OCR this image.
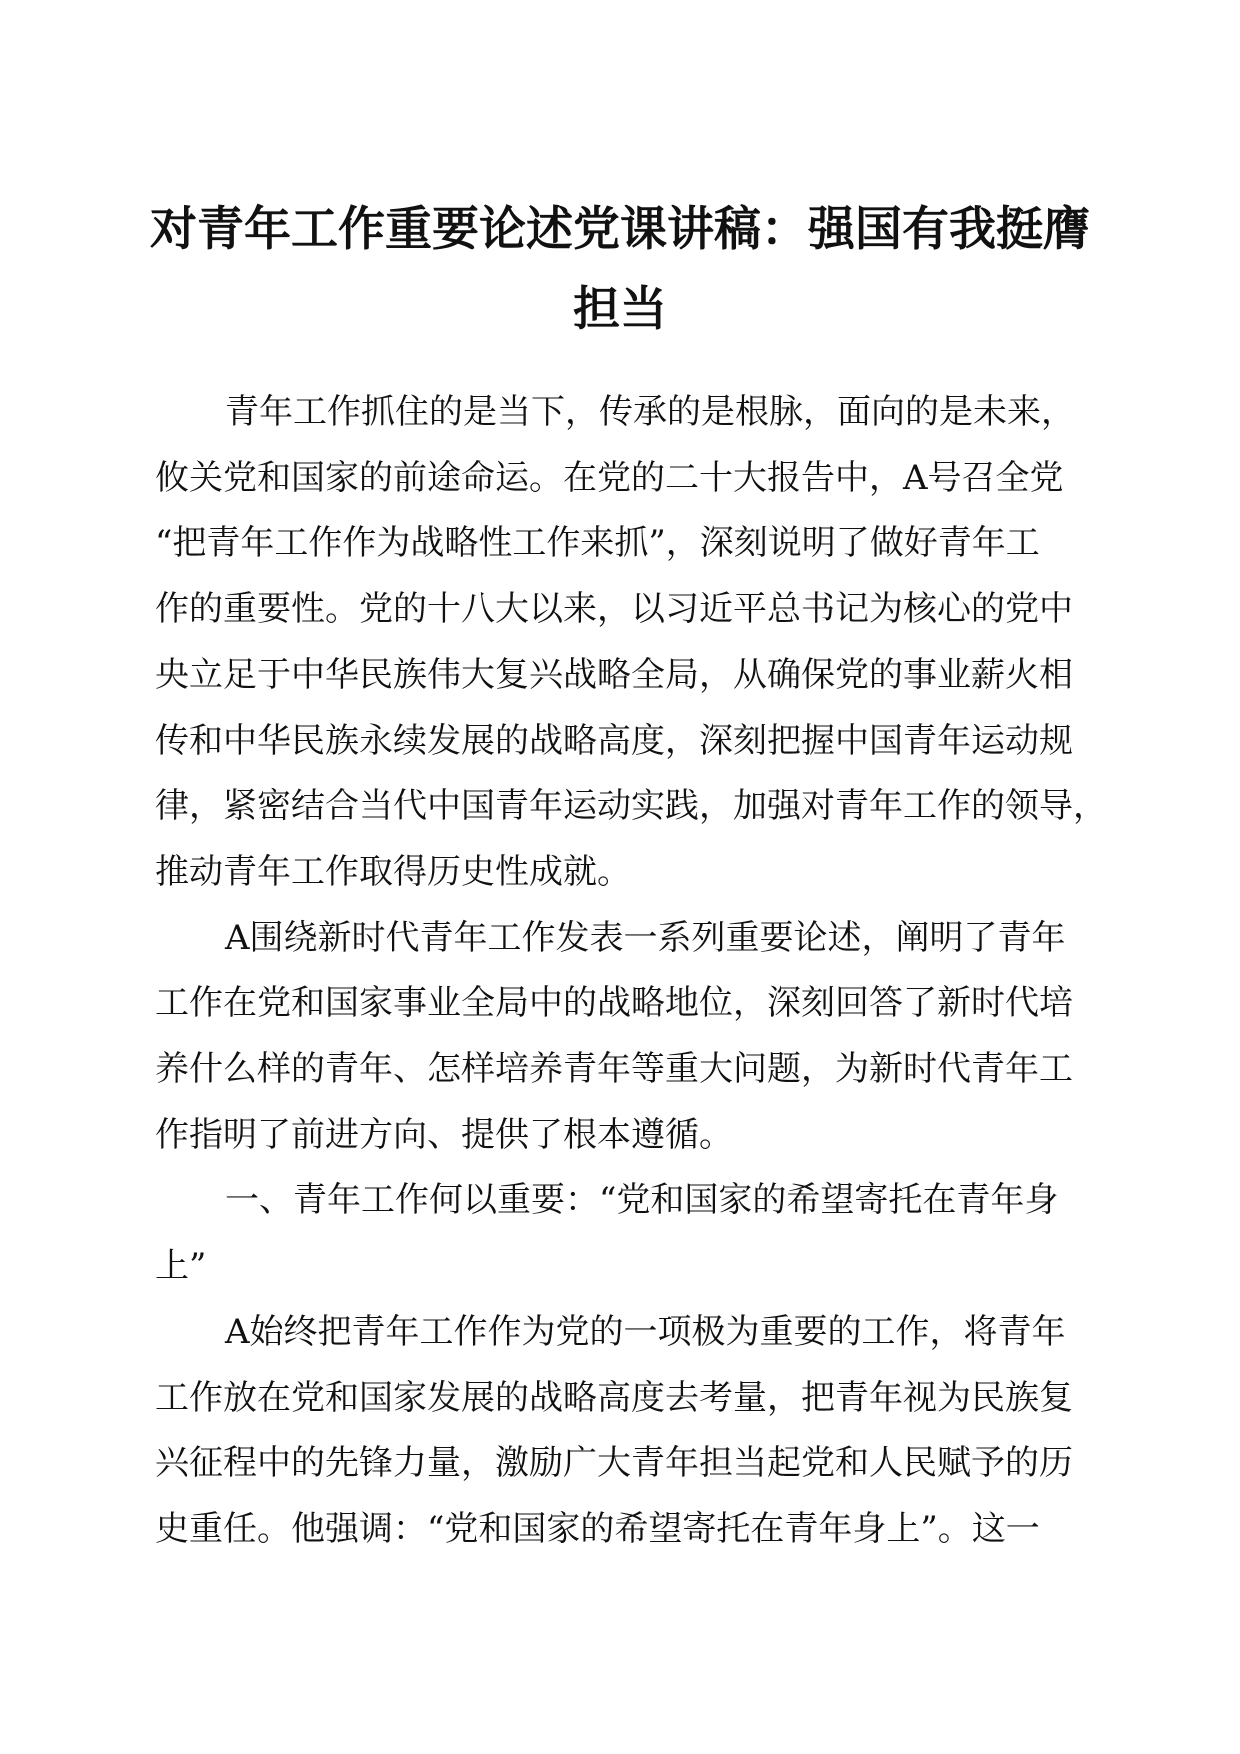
对青年工作重要论述党课讲稿：强国有我挺膺
担当
青年工作抓住的是当下，传承的是根脉，面向的是未来，
攸关党和国家的前途命运。在党的二十大报告中，A号召全党
“把青年工作作为战略性工作来抓”，深刻说明了做好青年工
作的重要性。党的十八大以来，以习近平总书记为核心的党中
央立足于中华民族伟大复兴战略全局，从确保党的事业薪火相
传和中华民族永续发展的战略高度，深刻把握中国青年运动规
律，紧密结合当代中国青年运动实践，加强对青年工作的领导，
推动青年工作取得历史性成就。
A围绕新时代青年工作发表一系列重要论述，阐明了青年
工作在党和国家事业全局中的战略地位，深刻回答了新时代培
养什么样的青年、怎样培养青年等重大问题，为新时代青年工
作指明了前进方向、提供了根本遵循。
一、青年工作何以重要：“党和国家的希望寄托在青年身
上”
A始终把青年工作作为党的一项极为重要的工作，将青年
工作放在党和国家发展的战略高度去考量，把青年视为民族复
兴征程中的先锋力量，激励广大青年担当起党和人民赋予的历
史重任。他强调：“党和国家的希望寄托在青年身上”。这一
